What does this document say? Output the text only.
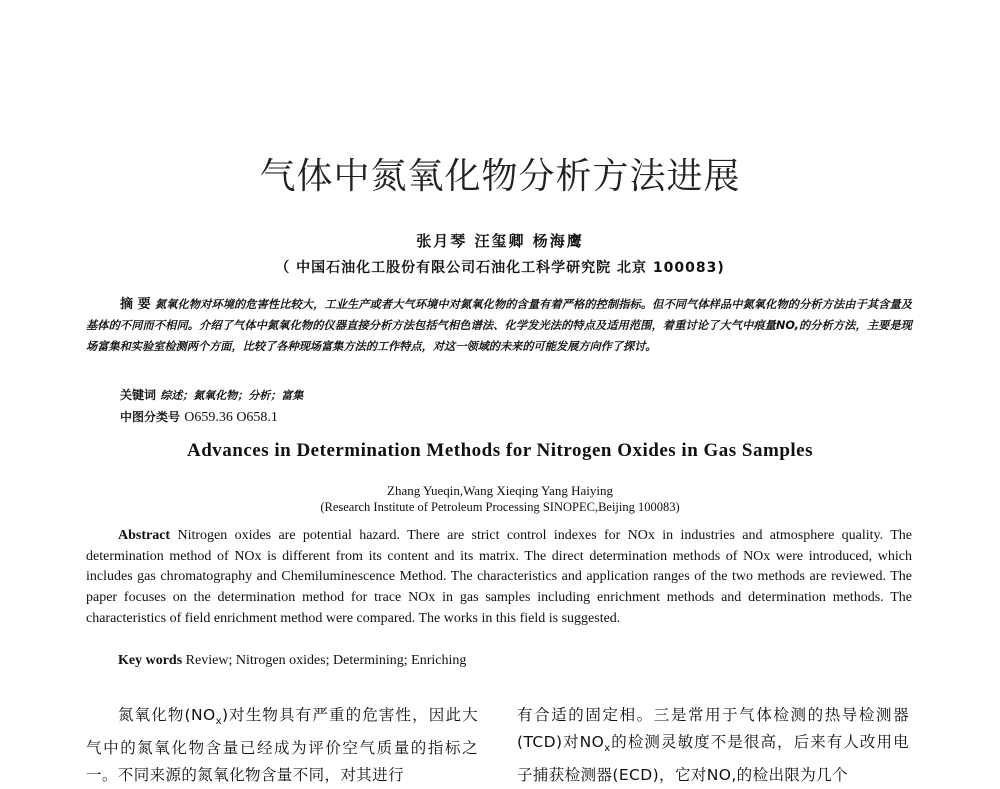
气体中氮氧化物分析方法进展
张月琴 汪玺卿 杨海鹰
（ 中国石油化工股份有限公司石油化工科学研究院 北京 100083)
摘 要 氮氧化物对环境的危害性比较大，工业生产或者大气环境中对氮氧化物的含量有着严格的控制指标。但不同气体样品中氮氧化物的分析方法由于其含量及基体的不同而不相同。介绍了气体中氮氧化物的仪器直接分析方法包括气相色谱法、化学发光法的特点及适用范围，着重讨论了大气中痕量NO,的分析方法，主要是现场富集和实验室检测两个方面，比较了各种现场富集方法的工作特点，对这一领域的未来的可能发展方向作了探讨。
关键词 综述；氮氧化物；分析；富集
中图分类号 O659.36 O658.1
Advances in Determination Methods for Nitrogen Oxides in Gas Samples
Zhang Yueqin,Wang Xieqing Yang Haiying
(Research Institute of Petroleum Processing SINOPEC,Beijing 100083)
Abstract Nitrogen oxides are potential hazard. There are strict control indexes for NOx in industries and atmosphere quality. The determination method of NOx is different from its content and its matrix. The direct determination methods of NOx were introduced, which includes gas chromatography and Chemiluminescence Method. The characteristics and application ranges of the two methods are reviewed. The paper focuses on the determination method for trace NOx in gas samples including enrichment methods and determination methods. The characteristics of field enrichment method were compared. The works in this field is suggested.
Key words Review; Nitrogen oxides; Determining; Enriching
氮氧化物$(NO_x)$对生物具有严重的危害性，因此大气中的氮氧化物含量已经成为评价空气质量的指标之一。不同来源的氮氧化物含量不同，对其进行
有合适的固定相。三是常用于气体检测的热导检测器(TCD)对$NO_x$的检测灵敏度不是很高，后来有人改用电子捕获检测器(ECD)，它对NO,的检出限为几个
